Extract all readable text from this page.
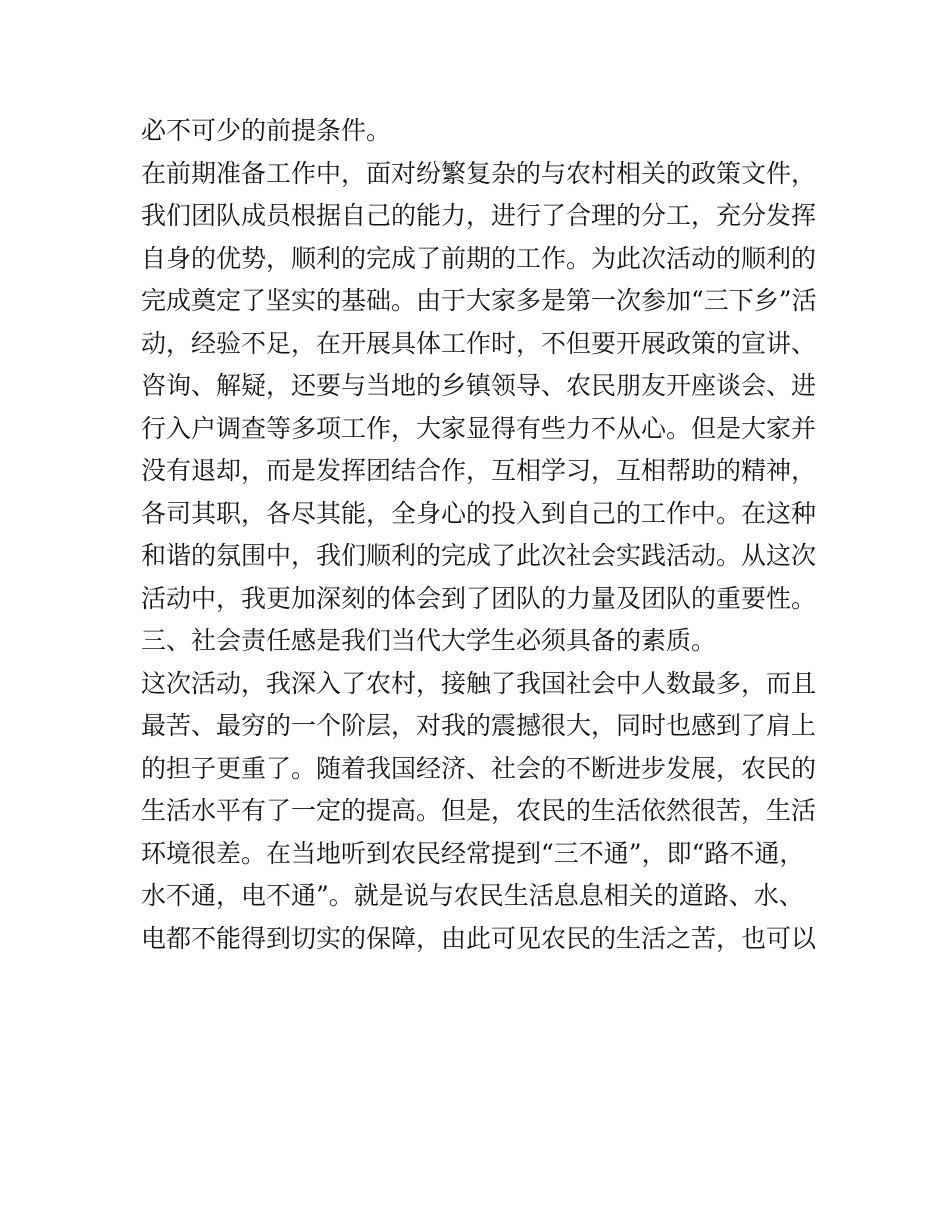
必不可少的前提条件。
在前期准备工作中，面对纷繁复杂的与农村相关的政策文件，
我们团队成员根据自己的能力，进行了合理的分工，充分发挥
自身的优势，顺利的完成了前期的工作。为此次活动的顺利的
完成奠定了坚实的基础。由于大家多是第一次参加“三下乡”活
动，经验不足，在开展具体工作时，不但要开展政策的宣讲、
咨询、解疑，还要与当地的乡镇领导、农民朋友开座谈会、进
行入户调查等多项工作，大家显得有些力不从心。但是大家并
没有退却，而是发挥团结合作，互相学习，互相帮助的精神，
各司其职，各尽其能，全身心的投入到自己的工作中。在这种
和谐的氛围中，我们顺利的完成了此次社会实践活动。从这次
活动中，我更加深刻的体会到了团队的力量及团队的重要性。
三、社会责任感是我们当代大学生必须具备的素质。
这次活动，我深入了农村，接触了我国社会中人数最多，而且
最苦、最穷的一个阶层，对我的震撼很大，同时也感到了肩上
的担子更重了。随着我国经济、社会的不断进步发展，农民的
生活水平有了一定的提高。但是，农民的生活依然很苦，生活
环境很差。在当地听到农民经常提到“三不通”，即“路不通，
水不通，电不通”。就是说与农民生活息息相关的道路、水、
电都不能得到切实的保障，由此可见农民的生活之苦，也可以
